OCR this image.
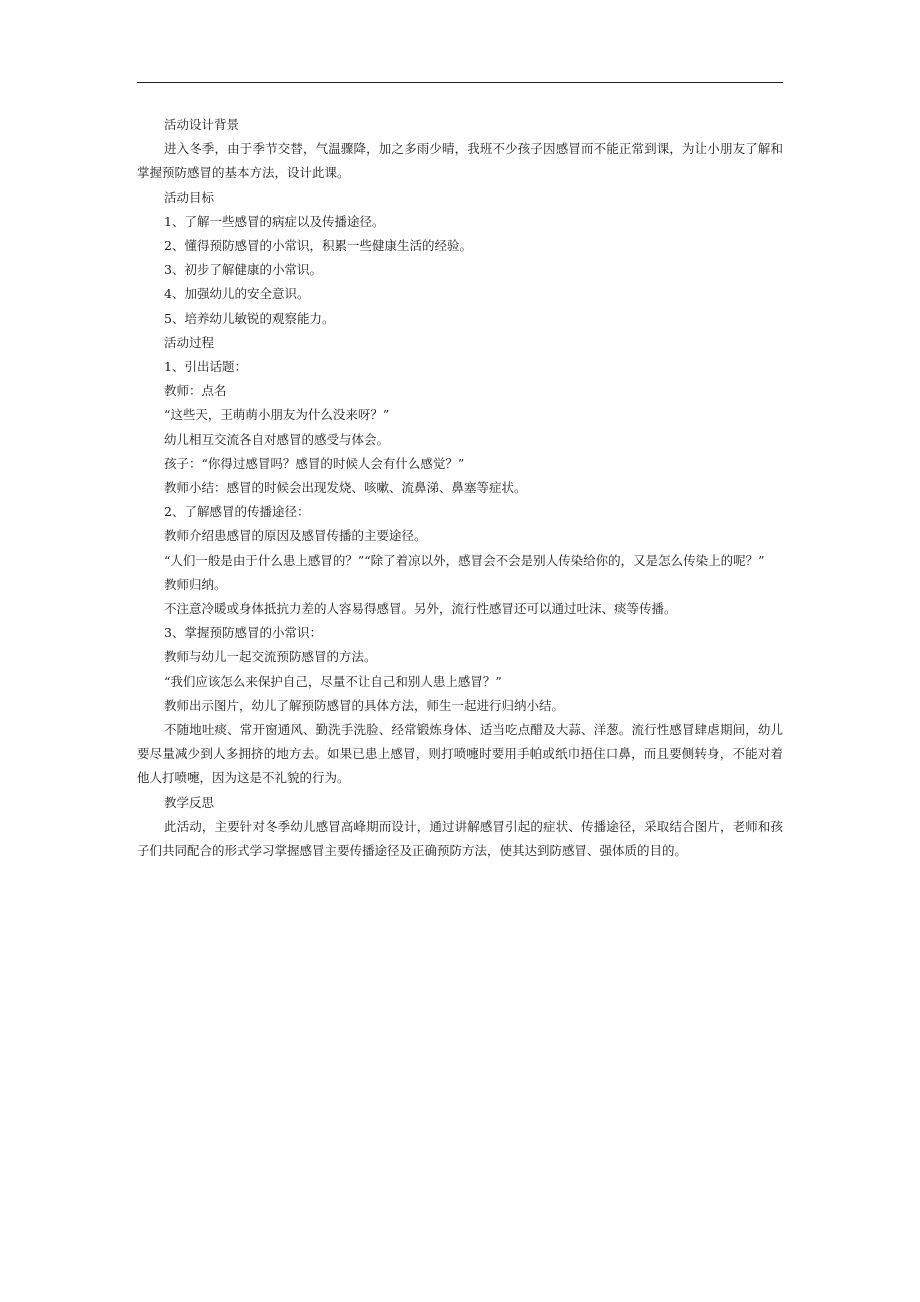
活动设计背景

进入冬季，由于季节交替，气温骤降，加之多雨少晴，我班不少孩子因感冒而不能正常到课，为让小朋友了解和掌握预防感冒的基本方法，设计此课。

活动目标

1、了解一些感冒的病症以及传播途径。

2、懂得预防感冒的小常识，积累一些健康生活的经验。

3、初步了解健康的小常识。

4、加强幼儿的安全意识。

5、培养幼儿敏锐的观察能力。

活动过程

1、引出话题：

教师：点名

“这些天，王萌萌小朋友为什么没来呀？”

幼儿相互交流各自对感冒的感受与体会。

孩子：“你得过感冒吗？感冒的时候人会有什么感觉？”

教师小结：感冒的时候会出现发烧、咳嗽、流鼻涕、鼻塞等症状。

2、了解感冒的传播途径：

教师介绍患感冒的原因及感冒传播的主要途径。

“人们一般是由于什么患上感冒的？”“除了着凉以外，感冒会不会是别人传染给你的，又是怎么传染上的呢？”

教师归纳。

不注意冷暖或身体抵抗力差的人容易得感冒。另外，流行性感冒还可以通过吐沫、痰等传播。

3、掌握预防感冒的小常识：

教师与幼儿一起交流预防感冒的方法。

“我们应该怎么来保护自己，尽量不让自己和别人患上感冒？”

教师出示图片，幼儿了解预防感冒的具体方法，师生一起进行归纳小结。

不随地吐痰、常开窗通风、勤洗手洗脸、经常锻炼身体、适当吃点醋及大蒜、洋葱。流行性感冒肆虐期间，幼儿要尽量减少到人多拥挤的地方去。如果已患上感冒，则打喷嚏时要用手帕或纸巾捂住口鼻，而且要侧转身，不能对着他人打喷嚏，因为这是不礼貌的行为。

教学反思

此活动，主要针对冬季幼儿感冒高峰期而设计，通过讲解感冒引起的症状、传播途径，采取结合图片，老师和孩子们共同配合的形式学习掌握感冒主要传播途径及正确预防方法，使其达到防感冒、强体质的目的。
